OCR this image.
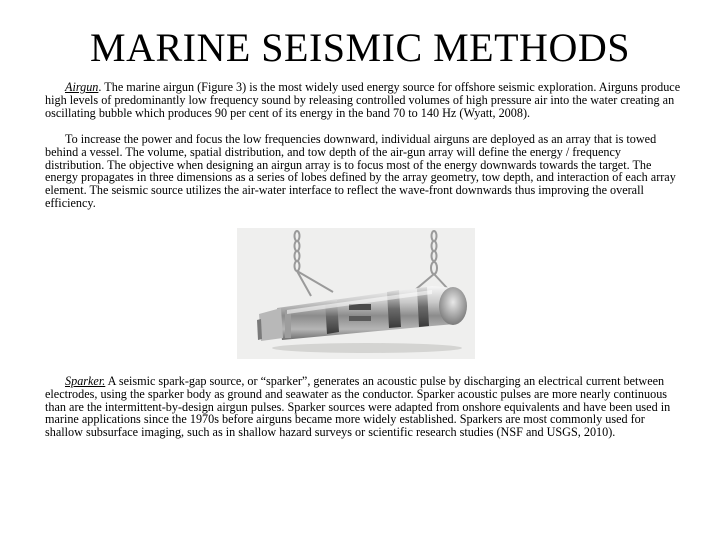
MARINE SEISMIC METHODS

Airgun. The marine airgun (Figure 3) is the most widely used energy source for offshore seismic exploration. Airguns produce high levels of predominantly low frequency sound by releasing controlled volumes of high pressure air into the water creating an oscillating bubble which produces 90 per cent of its energy in the band 70 to 140 Hz (Wyatt, 2008).

To increase the power and focus the low frequencies downward, individual airguns are deployed as an array that is towed behind a vessel. The volume, spatial distribution, and tow depth of the air-gun array will define the energy / frequency distribution. The objective when designing an airgun array is to focus most of the energy downwards towards the target. The energy propagates in three dimensions as a series of lobes defined by the array geometry, tow depth, and interaction of each array element. The seismic source utilizes the air-water interface to reflect the wave-front downwards thus improving the overall efficiency.

Sparker. A seismic spark-gap source, or “sparker”, generates an acoustic pulse by discharging an electrical current between electrodes, using the sparker body as ground and seawater as the conductor. Sparker acoustic pulses are more nearly continuous than are the intermittent-by-design airgun pulses. Sparker sources were adapted from onshore equivalents and have been used in marine applications since the 1970s before airguns became more widely established. Sparkers are most commonly used for shallow subsurface imaging, such as in shallow hazard surveys or scientific research studies (NSF and USGS, 2010).
